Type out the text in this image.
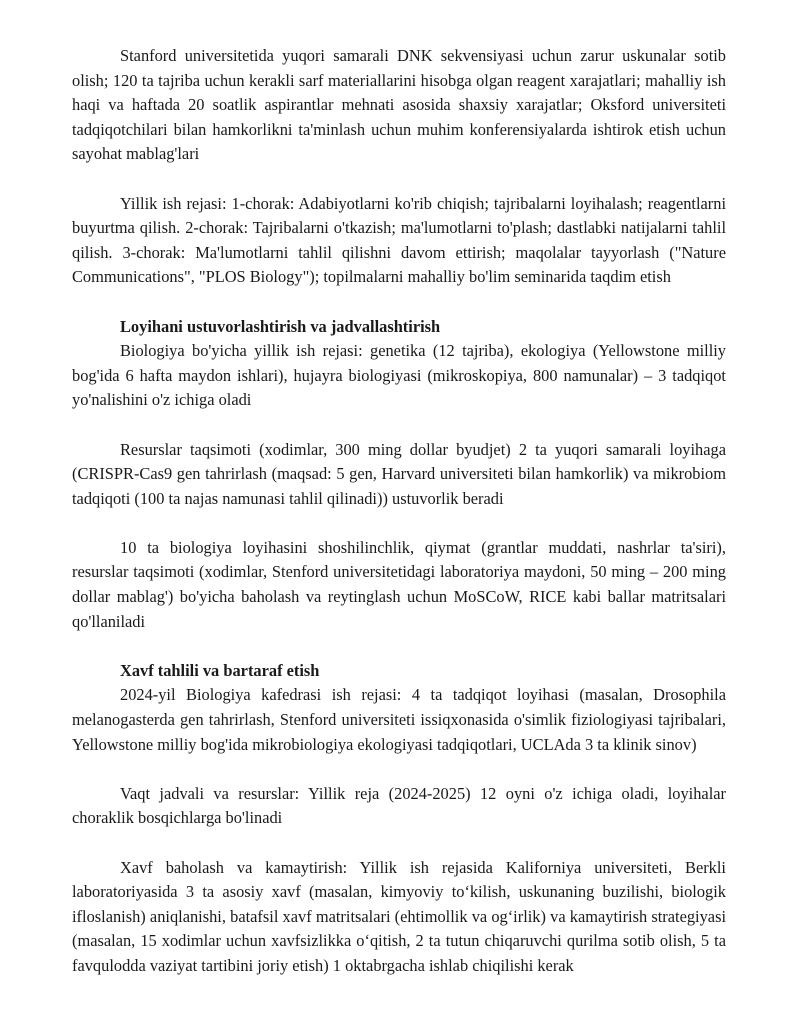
Stanford universitetida yuqori samarali DNK sekvensiyasi uchun zarur uskunalar sotib olish; 120 ta tajriba uchun kerakli sarf materiallarini hisobga olgan reagent xarajatlari; mahalliy ish haqi va haftada 20 soatlik aspirantlar mehnati asosida shaxsiy xarajatlar; Oksford universiteti tadqiqotchilari bilan hamkorlikni ta'minlash uchun muhim konferensiyalarda ishtirok etish uchun sayohat mablag'lari

Yillik ish rejasi: 1-chorak: Adabiyotlarni ko'rib chiqish; tajribalarni loyihalash; reagentlarni buyurtma qilish. 2-chorak: Tajribalarni o'tkazish; ma'lumotlarni to'plash; dastlabki natijalarni tahlil qilish. 3-chorak: Ma'lumotlarni tahlil qilishni davom ettirish; maqolalar tayyorlash ("Nature Communications", "PLOS Biology"); topilmalarni mahalliy bo'lim seminarida taqdim etish

Loyihani ustuvorlashtirish va jadvallashtirish

Biologiya bo'yicha yillik ish rejasi: genetika (12 tajriba), ekologiya (Yellowstone milliy bog'ida 6 hafta maydon ishlari), hujayra biologiyasi (mikroskopiya, 800 namunalar) – 3 tadqiqot yo'nalishini o'z ichiga oladi

Resurslar taqsimoti (xodimlar, 300 ming dollar byudjet) 2 ta yuqori samarali loyihaga (CRISPR-Cas9 gen tahrirlash (maqsad: 5 gen, Harvard universiteti bilan hamkorlik) va mikrobiom tadqiqoti (100 ta najas namunasi tahlil qilinadi)) ustuvorlik beradi

10 ta biologiya loyihasini shoshilinchlik, qiymat (grantlar muddati, nashrlar ta'siri), resurslar taqsimoti (xodimlar, Stenford universitetidagi laboratoriya maydoni, 50 ming – 200 ming dollar mablag') bo'yicha baholash va reytinglash uchun MoSCoW, RICE kabi ballar matritsalari qo'llaniladi

Xavf tahlili va bartaraf etish

2024-yil Biologiya kafedrasi ish rejasi: 4 ta tadqiqot loyihasi (masalan, Drosophila melanogasterda gen tahrirlash, Stenford universiteti issiqxonasida o'simlik fiziologiyasi tajribalari, Yellowstone milliy bog'ida mikrobiologiya ekologiyasi tadqiqotlari, UCLAda 3 ta klinik sinov)

Vaqt jadvali va resurslar: Yillik reja (2024-2025) 12 oyni o'z ichiga oladi, loyihalar choraklik bosqichlarga bo'linadi

Xavf baholash va kamaytirish: Yillik ish rejasida Kaliforniya universiteti, Berkli laboratoriyasida 3 ta asosiy xavf (masalan, kimyoviy to‘kilish, uskunaning buzilishi, biologik ifloslanish) aniqlanishi, batafsil xavf matritsalari (ehtimollik va og‘irlik) va kamaytirish strategiyasi (masalan, 15 xodimlar uchun xavfsizlikka o‘qitish, 2 ta tutun chiqaruvchi qurilma sotib olish, 5 ta favqulodda vaziyat tartibini joriy etish) 1 oktabrgacha ishlab chiqilishi kerak
